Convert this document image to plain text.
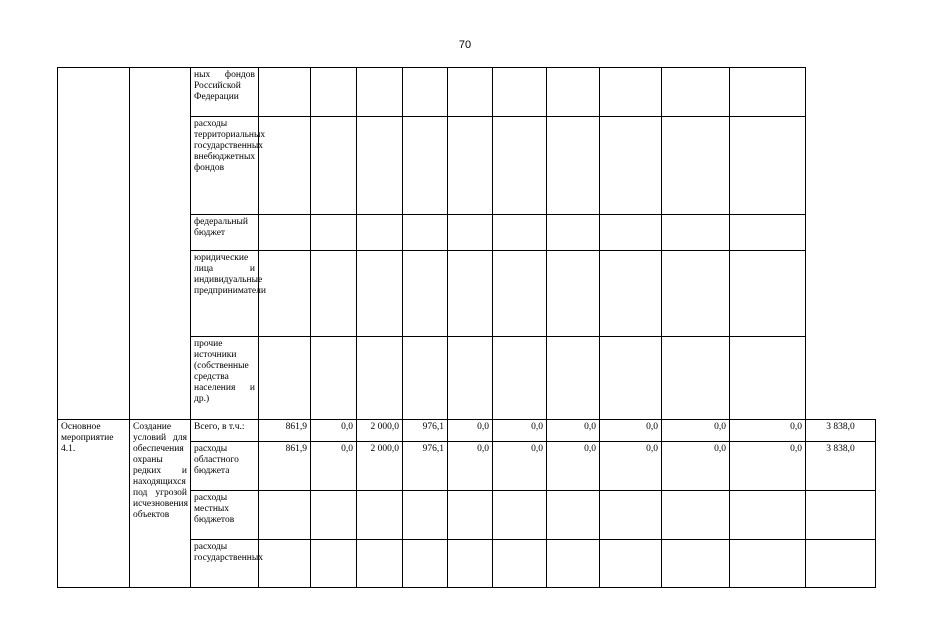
70
		ных фондов Российской Федерации											
		расходы территориальных государственных внебюджетных фондов											
		федеральный бюджет											
		юридические лица и индивидуальные предприниматели											
		прочие источники (собственные средства населения и др.)											
Основное мероприятие 4.1.	Создание условий для обеспечения охраны редких и находящихся под угрозой исчезновения объектов	Всего, в т.ч.:	861,9	0,0	2 000,0	976,1	0,0	0,0	0,0	0,0	0,0	0,0	3 838,0
		расходы областного бюджета	861,9	0,0	2 000,0	976,1	0,0	0,0	0,0	0,0	0,0	0,0	3 838,0
		расходы местных бюджетов											
		расходы государственных											
